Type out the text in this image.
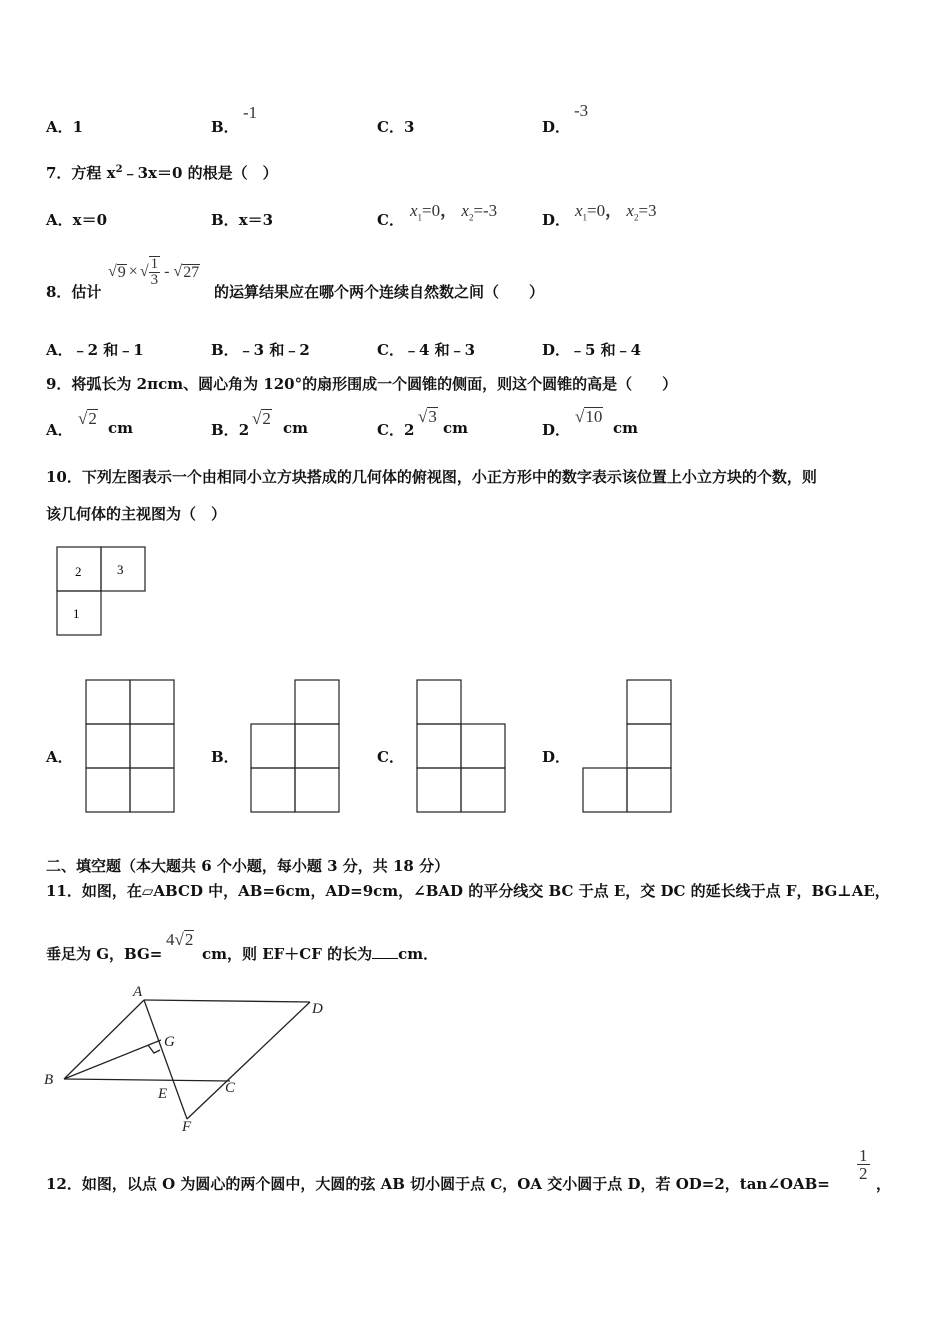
A．1	B．
-1
C．3	D．
-3
7．方程 $x^2﹣3x=0$ 的根是（　）
A．x＝0	B．x＝3	C． $x_1=0$， $x_2=-3$	D． $x_1=0$， $x_2=3$
8．估计
√ 9 × √ $\frac{1}{3}$ - √ 27
的运算结果应在哪个两个连续自然数之间（　　）
A．﹣2 和﹣1	B．﹣3 和﹣2	C．﹣4 和﹣3	D．﹣5 和﹣4
9．将弧长为 2πcm、圆心角为 120°的扇形围成一个圆锥的侧面，则这个圆锥的高是（　　）
A．
√2 cm	B．2
√2 cm	C．2
√3
cm	D．
√10
cm
10．下列左图表示一个由相同小立方块搭成的几何体的俯视图，小正方形中的数字表示该位置上小立方块的个数，则
该几何体的主视图为（　）
2	3
1
A．	B．	C．	D．
二、填空题（本大题共 6 个小题，每小题 3 分，共 18 分）
11．如图，在▱ABCD 中，AB=6cm，AD=9cm，∠BAD 的平分线交 BC 于点 E，交 DC 的延长线于点 F，BG⊥AE，
垂足为 G，BG=
4√2
cm，则 EF＋CF 的长为 cm．
A
D
B	C
E
F
G
12．如图，以点 O 为圆心的两个圆中，大圆的弦 AB 切小圆于点 C，OA 交小圆于点 D，若 OD=2，tan∠OAB=
$\frac{1}{2}$
，
